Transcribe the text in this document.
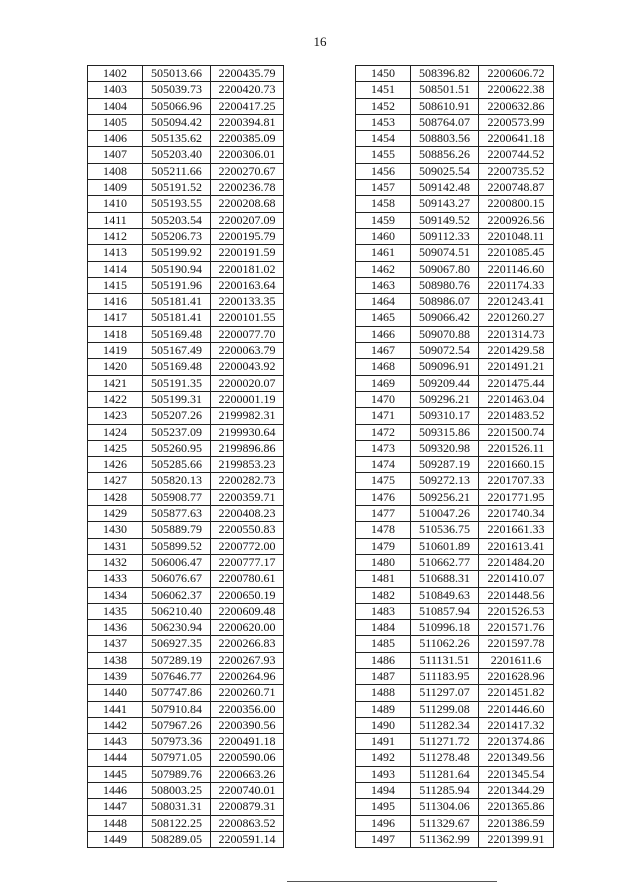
16
1402	505013.66	2200435.79
1403	505039.73	2200420.73
1404	505066.96	2200417.25
1405	505094.42	2200394.81
1406	505135.62	2200385.09
1407	505203.40	2200306.01
1408	505211.66	2200270.67
1409	505191.52	2200236.78
1410	505193.55	2200208.68
1411	505203.54	2200207.09
1412	505206.73	2200195.79
1413	505199.92	2200191.59
1414	505190.94	2200181.02
1415	505191.96	2200163.64
1416	505181.41	2200133.35
1417	505181.41	2200101.55
1418	505169.48	2200077.70
1419	505167.49	2200063.79
1420	505169.48	2200043.92
1421	505191.35	2200020.07
1422	505199.31	2200001.19
1423	505207.26	2199982.31
1424	505237.09	2199930.64
1425	505260.95	2199896.86
1426	505285.66	2199853.23
1427	505820.13	2200282.73
1428	505908.77	2200359.71
1429	505877.63	2200408.23
1430	505889.79	2200550.83
1431	505899.52	2200772.00
1432	506006.47	2200777.17
1433	506076.67	2200780.61
1434	506062.37	2200650.19
1435	506210.40	2200609.48
1436	506230.94	2200620.00
1437	506927.35	2200266.83
1438	507289.19	2200267.93
1439	507646.77	2200264.96
1440	507747.86	2200260.71
1441	507910.84	2200356.00
1442	507967.26	2200390.56
1443	507973.36	2200491.18
1444	507971.05	2200590.06
1445	507989.76	2200663.26
1446	508003.25	2200740.01
1447	508031.31	2200879.31
1448	508122.25	2200863.52
1449	508289.05	2200591.14
1450	508396.82	2200606.72
1451	508501.51	2200622.38
1452	508610.91	2200632.86
1453	508764.07	2200573.99
1454	508803.56	2200641.18
1455	508856.26	2200744.52
1456	509025.54	2200735.52
1457	509142.48	2200748.87
1458	509143.27	2200800.15
1459	509149.52	2200926.56
1460	509112.33	2201048.11
1461	509074.51	2201085.45
1462	509067.80	2201146.60
1463	508980.76	2201174.33
1464	508986.07	2201243.41
1465	509066.42	2201260.27
1466	509070.88	2201314.73
1467	509072.54	2201429.58
1468	509096.91	2201491.21
1469	509209.44	2201475.44
1470	509296.21	2201463.04
1471	509310.17	2201483.52
1472	509315.86	2201500.74
1473	509320.98	2201526.11
1474	509287.19	2201660.15
1475	509272.13	2201707.33
1476	509256.21	2201771.95
1477	510047.26	2201740.34
1478	510536.75	2201661.33
1479	510601.89	2201613.41
1480	510662.77	2201484.20
1481	510688.31	2201410.07
1482	510849.63	2201448.56
1483	510857.94	2201526.53
1484	510996.18	2201571.76
1485	511062.26	2201597.78
1486	511131.51	2201611.6
1487	511183.95	2201628.96
1488	511297.07	2201451.82
1489	511299.08	2201446.60
1490	511282.34	2201417.32
1491	511271.72	2201374.86
1492	511278.48	2201349.56
1493	511281.64	2201345.54
1494	511285.94	2201344.29
1495	511304.06	2201365.86
1496	511329.67	2201386.59
1497	511362.99	2201399.91
